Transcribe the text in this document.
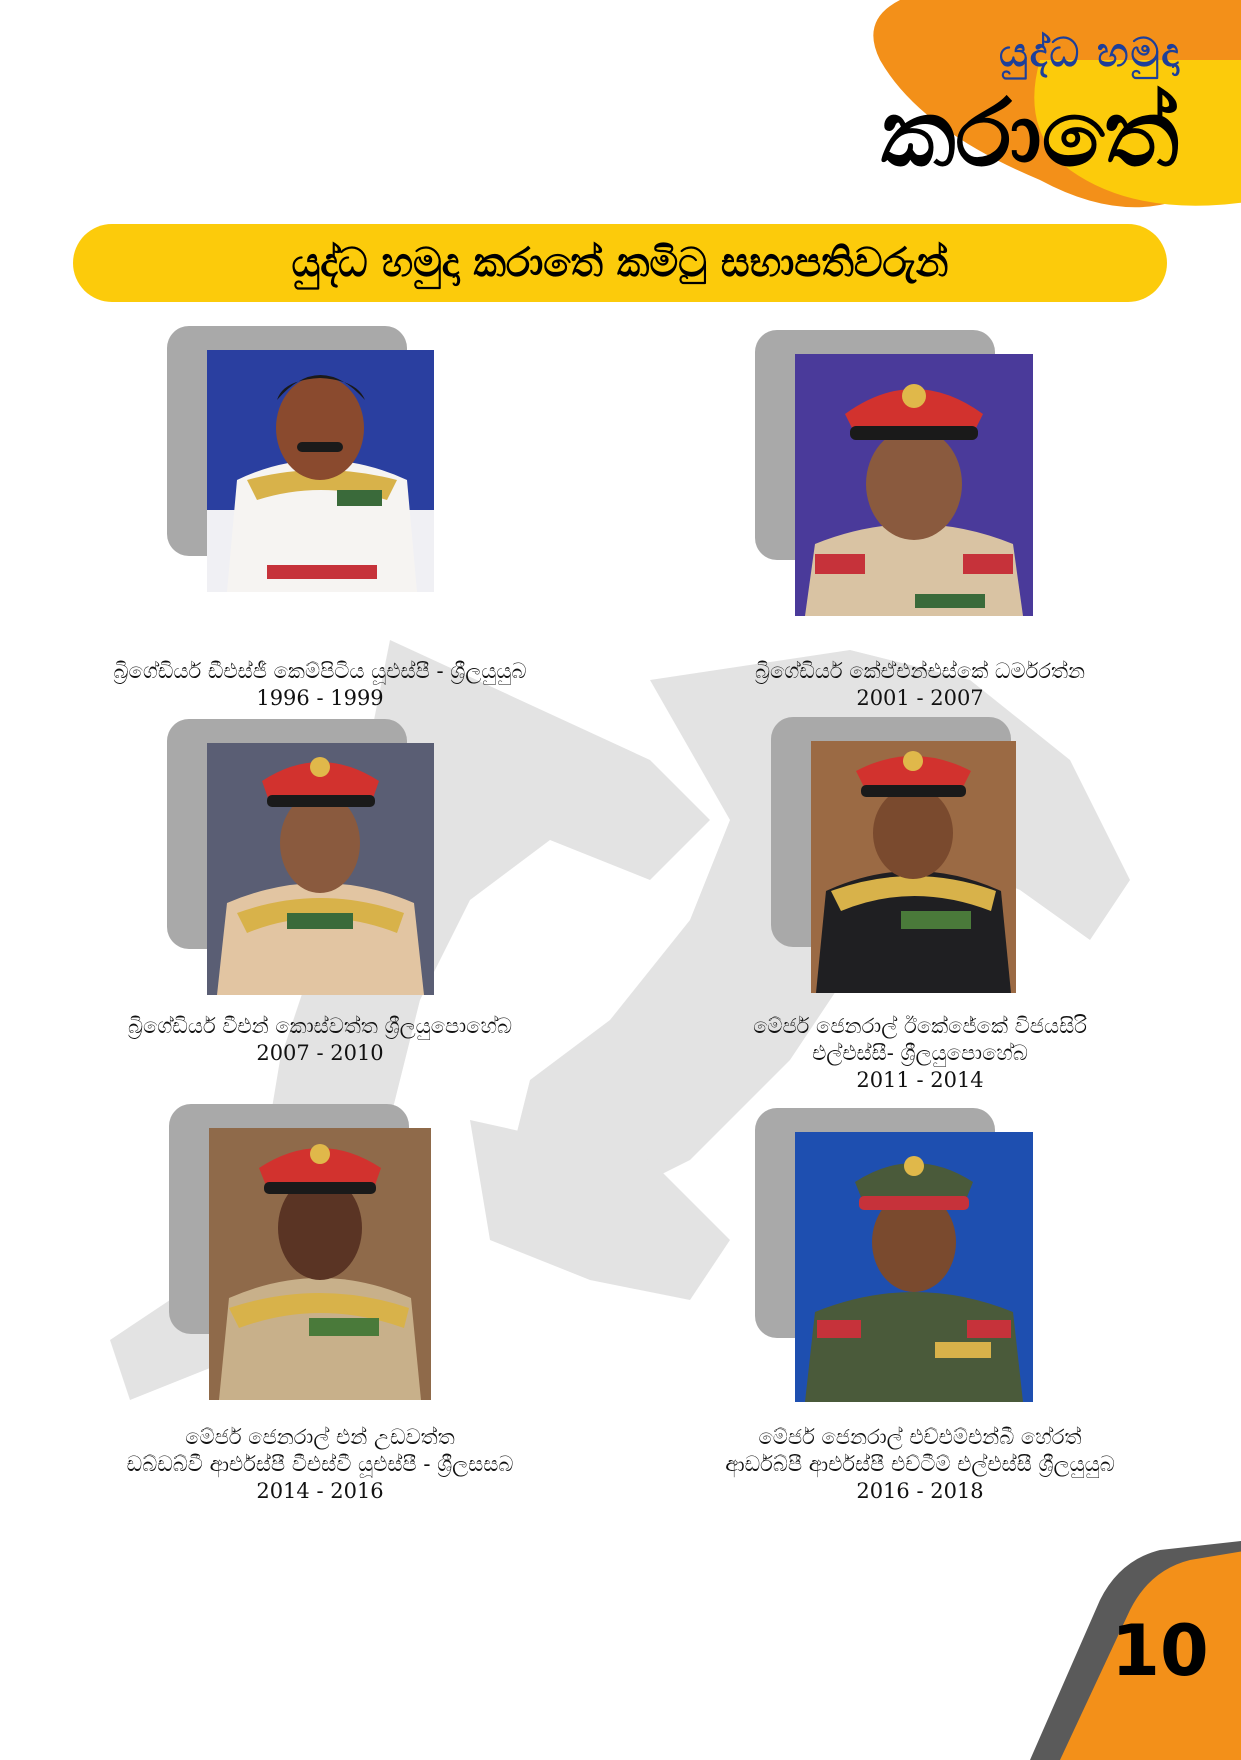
යුද්ධ හමුදා
කරාතේ
යුද්ධ හමුදා කරාතේ කමිටු සභාපතිවරුන්
බ්‍රිගේඩියර් ඩීඑස්ජී කෙම්පිටිය යූඑස්පී - ශ්‍රීලයුයුබ
1996 - 1999
බ්‍රිගේඩියර් කේඒඑන්එස්කේ ධර්මරත්න
2001 - 2007
බ්‍රිගේඩියර් වීඑන් කොස්වත්ත ශ්‍රීලයුපොහේබ
2007 - 2010
මේජර් ජෙනරාල් ඊකේජේකේ විජයසිරි
එල්එස්සී- ශ්‍රීලයුපොහේබ
2011 - 2014
මේජර් ජෙනරාල් එන් උඩවත්ත
ඩබ්ඩබ්වී ආර්එස්පී වීඑස්වී යූඑස්පී - ශ්‍රීලසසබ
2014 - 2016
මේජර් ජෙනරාල් එච්එම්එන්බී හේරත්
ආර්ඩබ්පී ආර්එස්පී එච්ටීම් එල්එස්සී ශ්‍රීලයුයුබ
2016 - 2018
10
